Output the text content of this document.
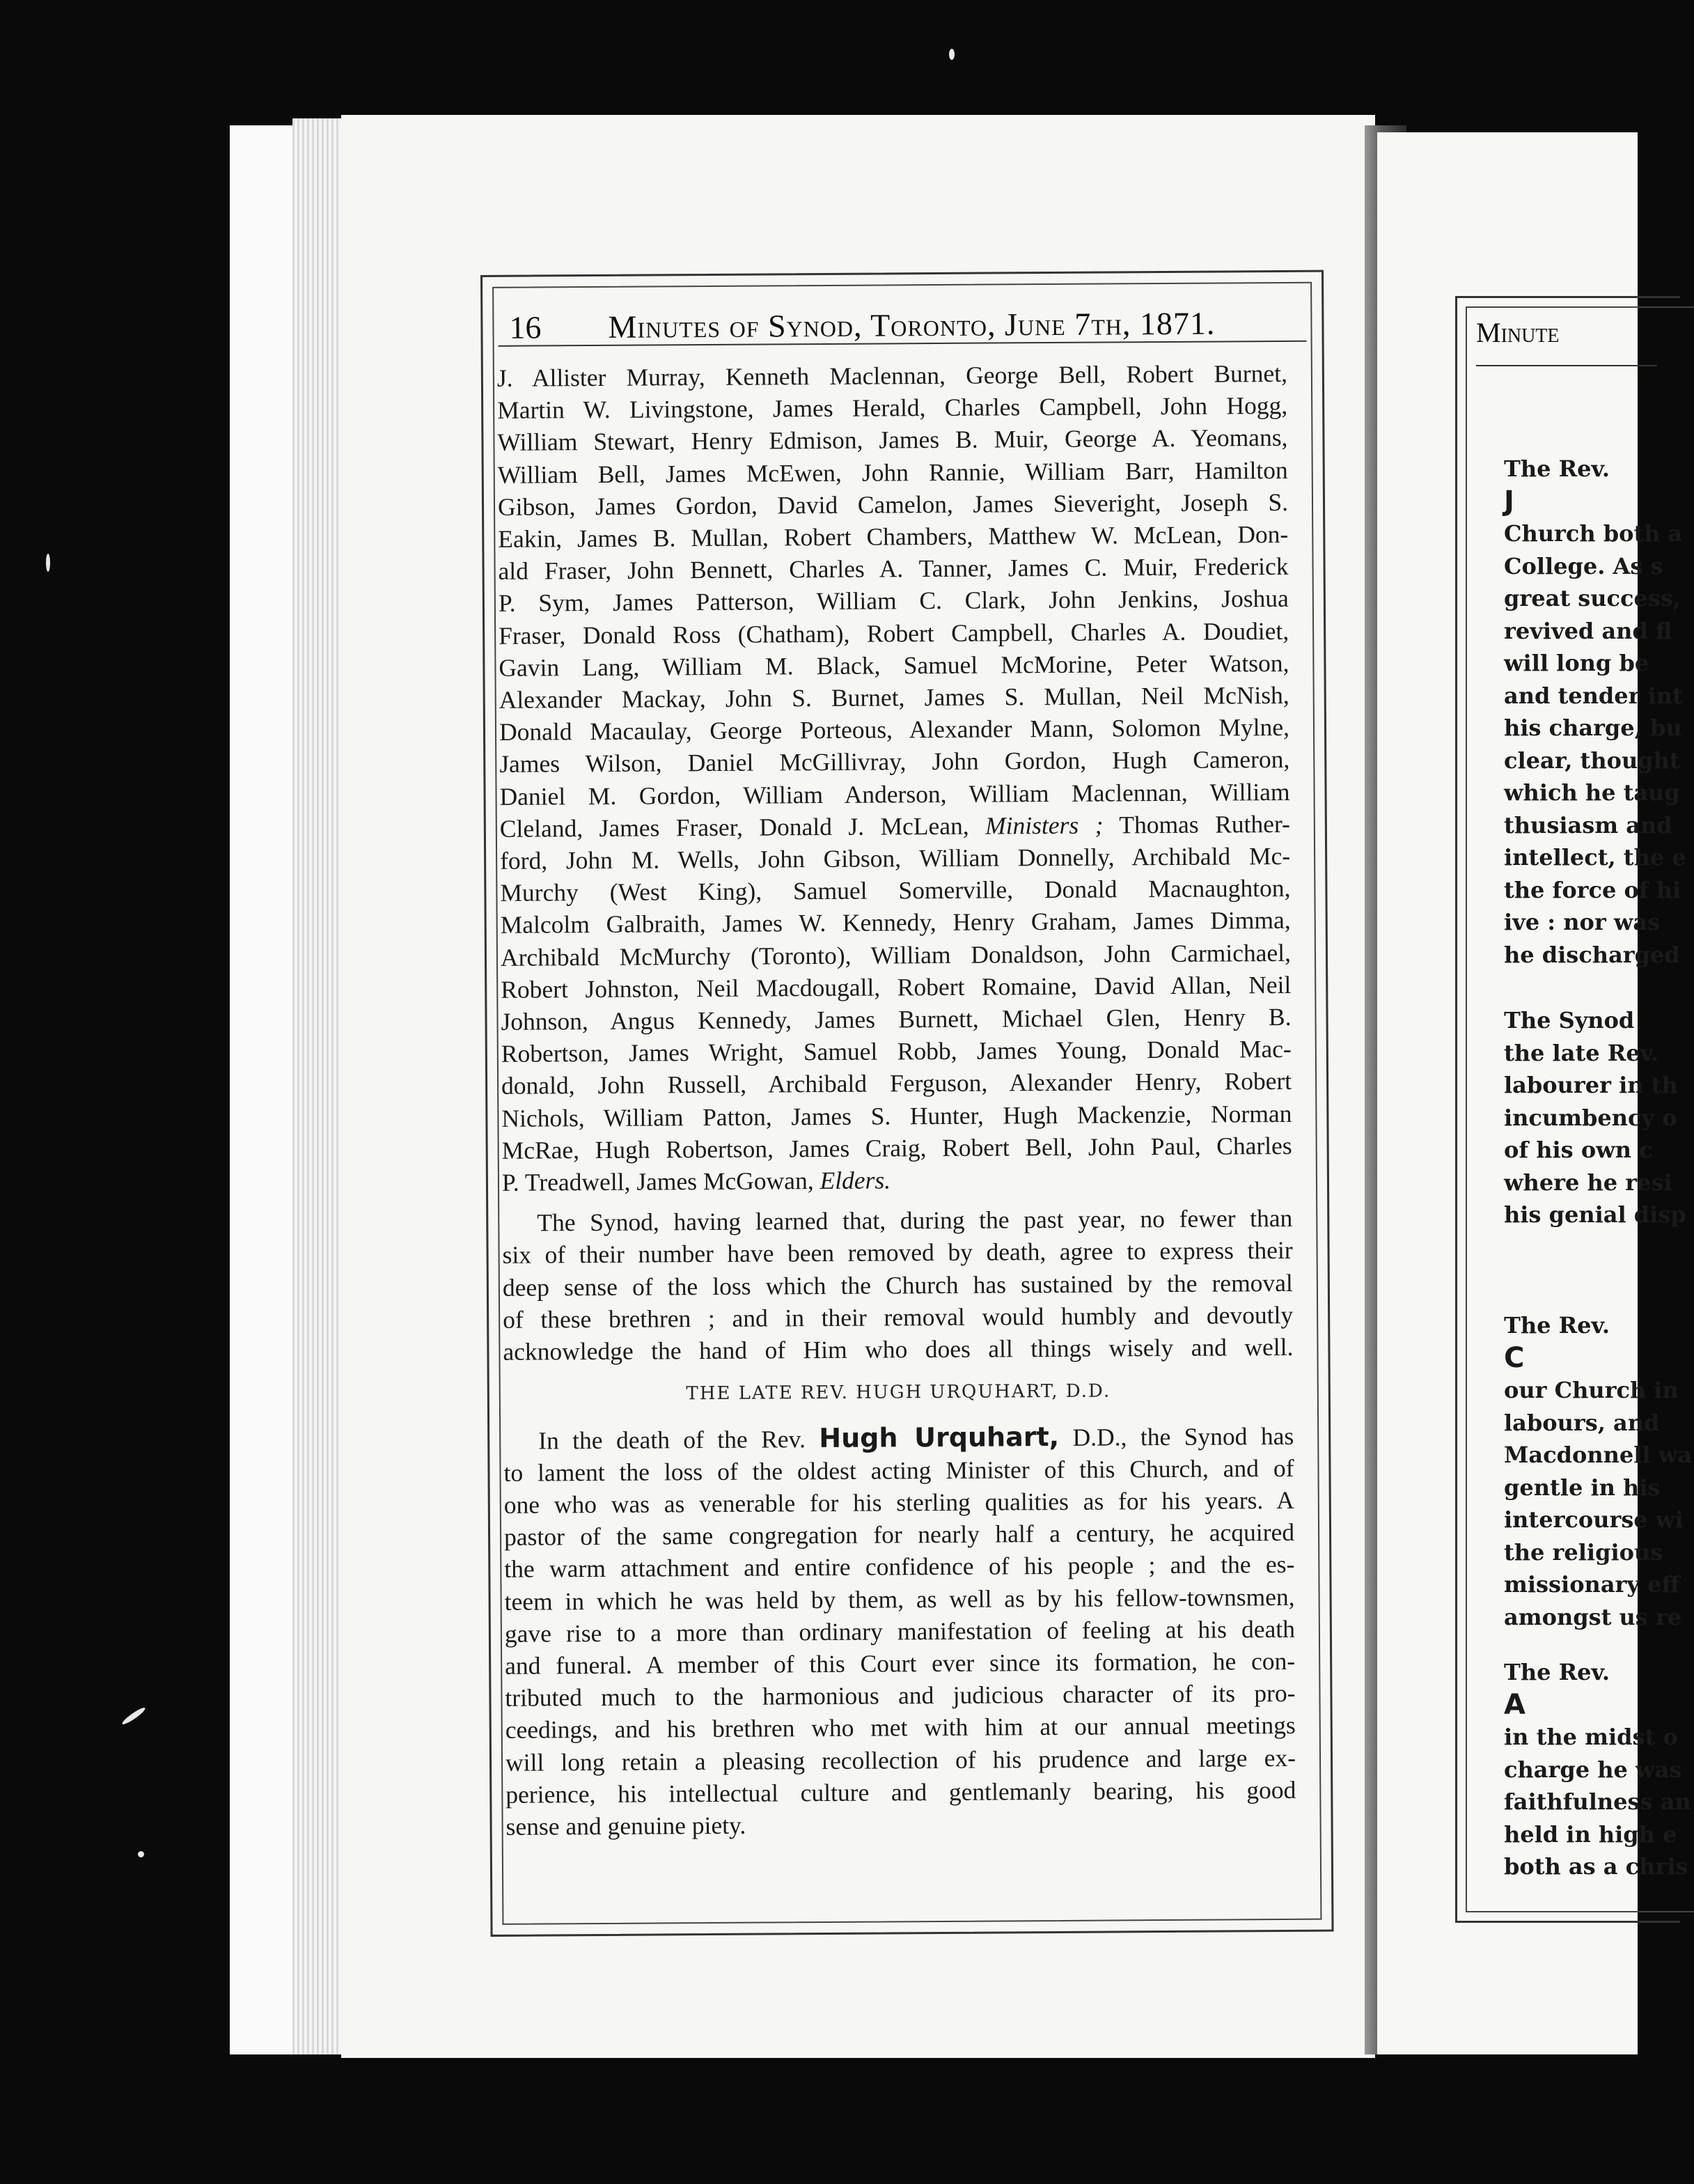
16 Minutes of Synod, Toronto, June 7th, 1871.
J. Allister Murray, Kenneth Maclennan, George Bell, Robert Burnet,
Martin W. Livingstone, James Herald, Charles Campbell, John Hogg,
William Stewart, Henry Edmison, James B. Muir, George A. Yeomans,
William Bell, James McEwen, John Rannie, William Barr, Hamilton
Gibson, James Gordon, David Camelon, James Sieveright, Joseph S.
Eakin, James B. Mullan, Robert Chambers, Matthew W. McLean, Don-
ald Fraser, John Bennett, Charles A. Tanner, James C. Muir, Frederick
P. Sym, James Patterson, William C. Clark, John Jenkins, Joshua
Fraser, Donald Ross (Chatham), Robert Campbell, Charles A. Doudiet,
Gavin Lang, William M. Black, Samuel McMorine, Peter Watson,
Alexander Mackay, John S. Burnet, James S. Mullan, Neil McNish,
Donald Macaulay, George Porteous, Alexander Mann, Solomon Mylne,
James Wilson, Daniel McGillivray, John Gordon, Hugh Cameron,
Daniel M. Gordon, William Anderson, William Maclennan, William
Cleland, James Fraser, Donald J. McLean, Ministers ; Thomas Ruther-
ford, John M. Wells, John Gibson, William Donnelly, Archibald Mc-
Murchy (West King), Samuel Somerville, Donald Macnaughton,
Malcolm Galbraith, James W. Kennedy, Henry Graham, James Dimma,
Archibald McMurchy (Toronto), William Donaldson, John Carmichael,
Robert Johnston, Neil Macdougall, Robert Romaine, David Allan, Neil
Johnson, Angus Kennedy, James Burnett, Michael Glen, Henry B.
Robertson, James Wright, Samuel Robb, James Young, Donald Mac-
donald, John Russell, Archibald Ferguson, Alexander Henry, Robert
Nichols, William Patton, James S. Hunter, Hugh Mackenzie, Norman
McRae, Hugh Robertson, James Craig, Robert Bell, John Paul, Charles
P. Treadwell, James McGowan, Elders.
The Synod, having learned that, during the past year, no fewer than
six of their number have been removed by death, agree to express their
deep sense of the loss which the Church has sustained by the removal
of these brethren ; and in their removal would humbly and devoutly
acknowledge the hand of Him who does all things wisely and well.
THE LATE REV. HUGH URQUHART, D.D.
In the death of the Rev. Hugh Urquhart, D.D., the Synod has
to lament the loss of the oldest acting Minister of this Church, and of
one who was as venerable for his sterling qualities as for his years. A
pastor of the same congregation for nearly half a century, he acquired
the warm attachment and entire confidence of his people ; and the es-
teem in which he was held by them, as well as by his fellow-townsmen,
gave rise to a more than ordinary manifestation of feeling at his death
and funeral. A member of this Court ever since its formation, he con-
tributed much to the harmonious and judicious character of its pro-
ceedings, and his brethren who met with him at our annual meetings
will long retain a pleasing recollection of his prudence and large ex-
perience, his intellectual culture and gentlemanly bearing, his good
sense and genuine piety.
Minute
The Rev.
J
Church both a
College. As s
great success,
revived and fl
will long be
and tender int
his charge, bu
clear, thought
which he taug
thusiasm and
intellect, the e
the force of hi
ive : nor was
he discharged
The Synod
the late Rev.
labourer in th
incumbency o
of his own c
where he resi
his genial disp
The Rev.
C
our Church in
labours, and
Macdonnell wa
gentle in his
intercourse wi
the religious
missionary eff
amongst us re
The Rev.
A
in the midst o
charge he was
faithfulness an
held in high e
both as a chris
